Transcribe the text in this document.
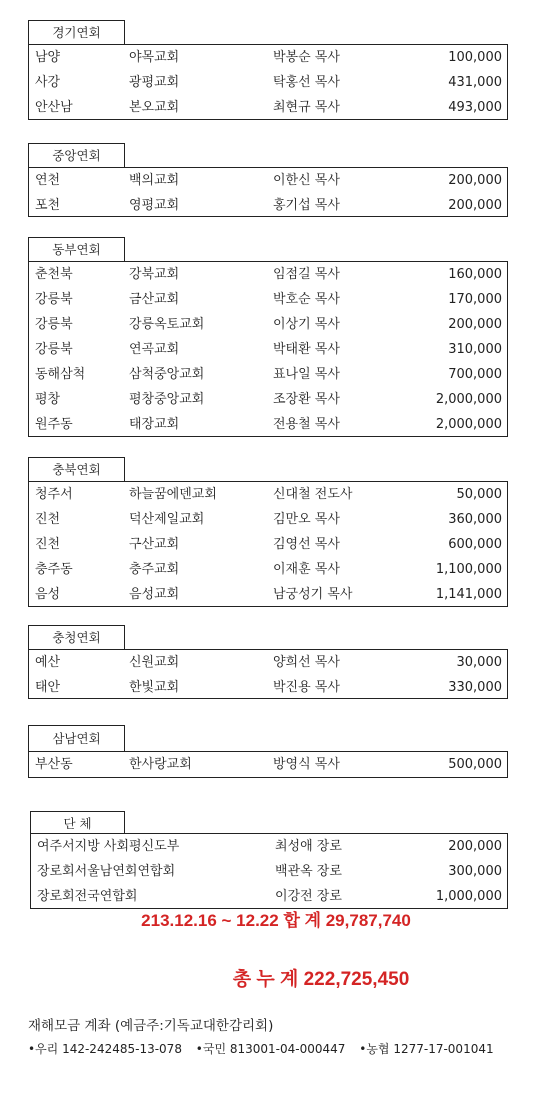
경기연회
남양	야목교회	박봉순 목사	100,000
사강	광평교회	탁홍선 목사	431,000
안산남	본오교회	최현규 목사	493,000
중앙연회
연천	백의교회	이한신 목사	200,000
포천	영평교회	홍기섭 목사	200,000
동부연회
춘천북	강북교회	임점길 목사	160,000
강릉북	금산교회	박호순 목사	170,000
강릉북	강릉옥토교회	이상기 목사	200,000
강릉북	연곡교회	박태환 목사	310,000
동해삼척	삼척중앙교회	표나일 목사	700,000
평창	평창중앙교회	조장환 목사	2,000,000
원주동	태장교회	전용철 목사	2,000,000
충북연회
청주서	하늘꿈에덴교회	신대철 전도사	50,000
진천	덕산제일교회	김만오 목사	360,000
진천	구산교회	김영선 목사	600,000
충주동	충주교회	이재훈 목사	1,100,000
음성	음성교회	남궁성기 목사	1,141,000
충청연회
예산	신원교회	양희선 목사	30,000
태안	한빛교회	박진용 목사	330,000
삼남연회
부산동	한사랑교회	방영식 목사	500,000
단 체
여주서지방 사회평신도부	최성애 장로	200,000
장로회서울남연회연합회	백관옥 장로	300,000
장로회전국연합회	이강전 장로	1,000,000
213.12.16 ~ 12.22 합 계 29,787,740
총 누 계 222,725,450
재해모금 계좌 (예금주:기독교대한감리회)
•우리 142-242485-13-078 •국민 813001-04-000447 •농협 1277-17-001041
